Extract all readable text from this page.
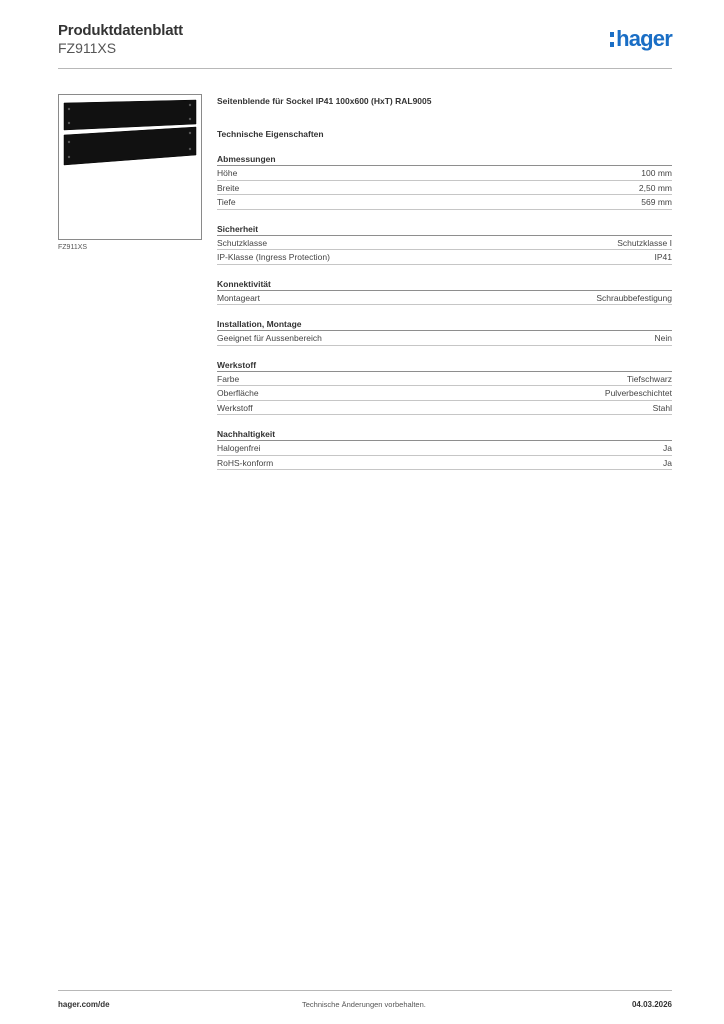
Produktdatenblatt
FZ911XS	hager
FZ911XS
Seitenblende für Sockel IP41 100x600 (HxT) RAL9005
Technische Eigenschaften
Abmessungen
Höhe	100 mm
Breite	2,50 mm
Tiefe	569 mm
Sicherheit
Schutzklasse	Schutzklasse I
IP-Klasse (Ingress Protection)	IP41
Konnektivität
Montageart	Schraubbefestigung
Installation, Montage
Geeignet für Aussenbereich	Nein
Werkstoff
Farbe	Tiefschwarz
Oberfläche	Pulverbeschichtet
Werkstoff	Stahl
Nachhaltigkeit
Halogenfrei	Ja
RoHS-konform	Ja
hager.com/de	Technische Änderungen vorbehalten.	04.03.2026
